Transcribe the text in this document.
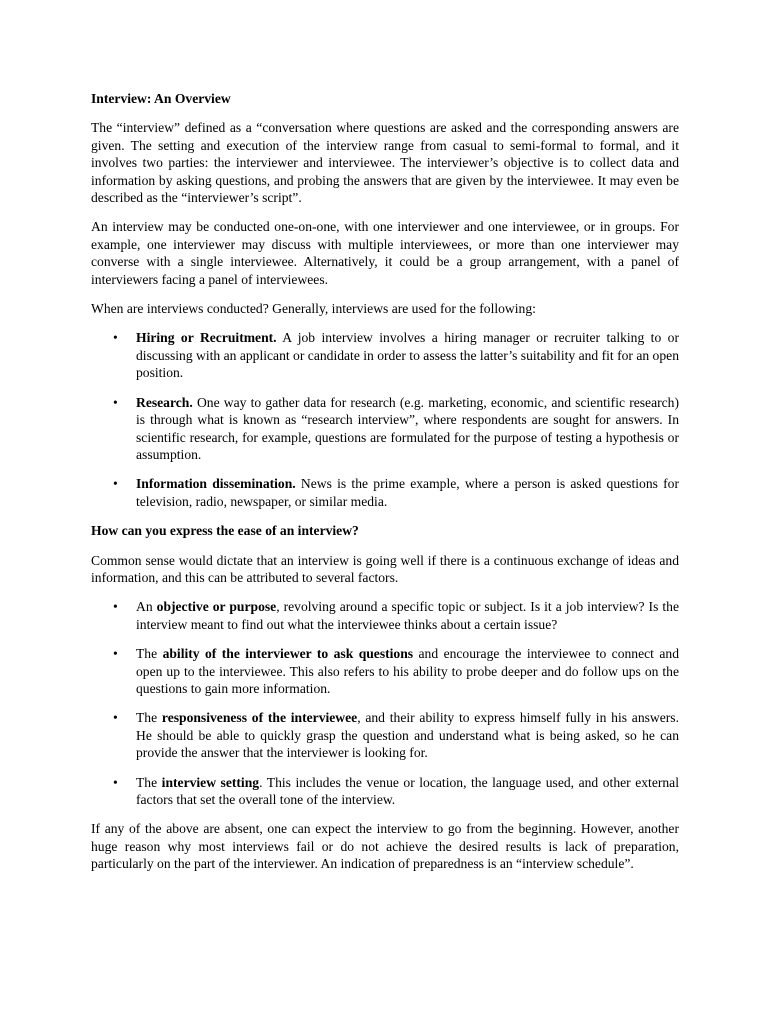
Interview: An Overview

The “interview” defined as a “conversation where questions are asked and the corresponding answers are given. The setting and execution of the interview range from casual to semi-formal to formal, and it involves two parties: the interviewer and interviewee. The interviewer’s objective is to collect data and information by asking questions, and probing the answers that are given by the interviewee. It may even be described as the “interviewer’s script”.

An interview may be conducted one-on-one, with one interviewer and one interviewee, or in groups. For example, one interviewer may discuss with multiple interviewees, or more than one interviewer may converse with a single interviewee. Alternatively, it could be a group arrangement, with a panel of interviewers facing a panel of interviewees.

When are interviews conducted? Generally, interviews are used for the following:

• Hiring or Recruitment. A job interview involves a hiring manager or recruiter talking to or discussing with an applicant or candidate in order to assess the latter’s suitability and fit for an open position.
• Research. One way to gather data for research (e.g. marketing, economic, and scientific research) is through what is known as “research interview”, where respondents are sought for answers. In scientific research, for example, questions are formulated for the purpose of testing a hypothesis or assumption.
• Information dissemination. News is the prime example, where a person is asked questions for television, radio, newspaper, or similar media.
How can you express the ease of an interview?

Common sense would dictate that an interview is going well if there is a continuous exchange of ideas and information, and this can be attributed to several factors.

• An objective or purpose, revolving around a specific topic or subject. Is it a job interview? Is the interview meant to find out what the interviewee thinks about a certain issue?
• The ability of the interviewer to ask questions and encourage the interviewee to connect and open up to the interviewee. This also refers to his ability to probe deeper and do follow ups on the questions to gain more information.
• The responsiveness of the interviewee, and their ability to express himself fully in his answers. He should be able to quickly grasp the question and understand what is being asked, so he can provide the answer that the interviewer is looking for.
• The interview setting. This includes the venue or location, the language used, and other external factors that set the overall tone of the interview.

If any of the above are absent, one can expect the interview to go from the beginning. However, another huge reason why most interviews fail or do not achieve the desired results is lack of preparation, particularly on the part of the interviewer. An indication of preparedness is an “interview schedule”.
